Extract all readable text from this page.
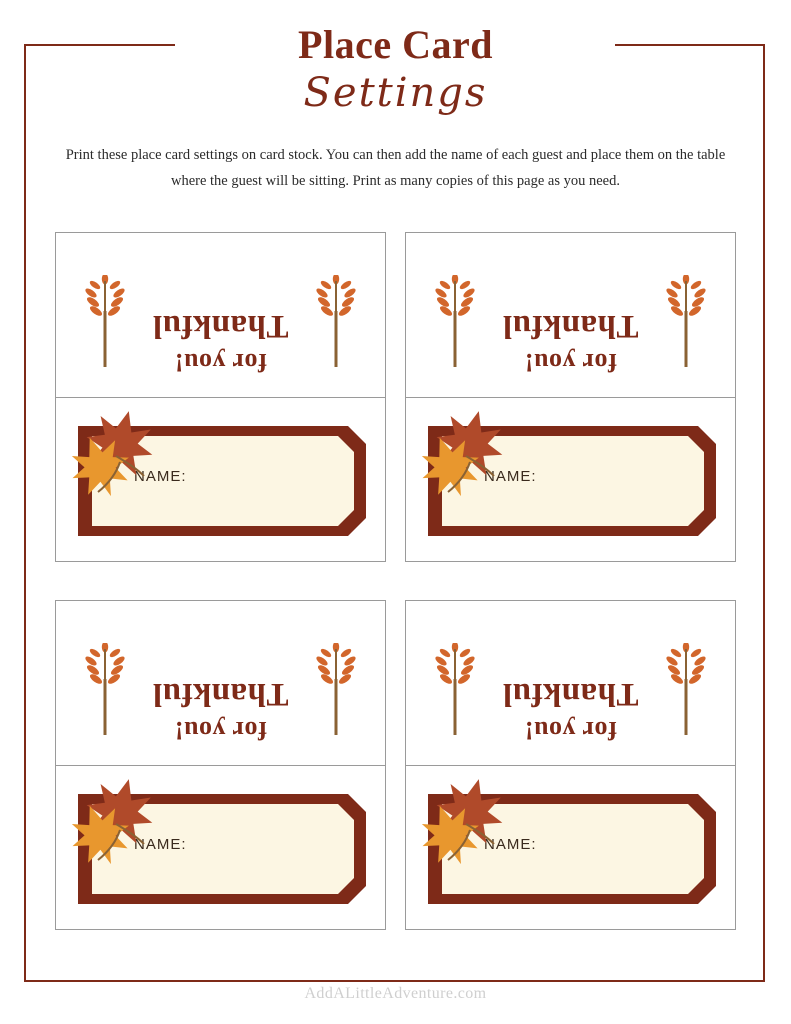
Place Card
Settings
Print these place card settings on card stock. You can then add the name of each guest and place them on the table where the guest will be sitting. Print as many copies of this page as you need.
for you!
Thankful
NAME:
for you!
Thankful
NAME:
for you!
Thankful
NAME:
for you!
Thankful
NAME:
AddALittleAdventure.com
